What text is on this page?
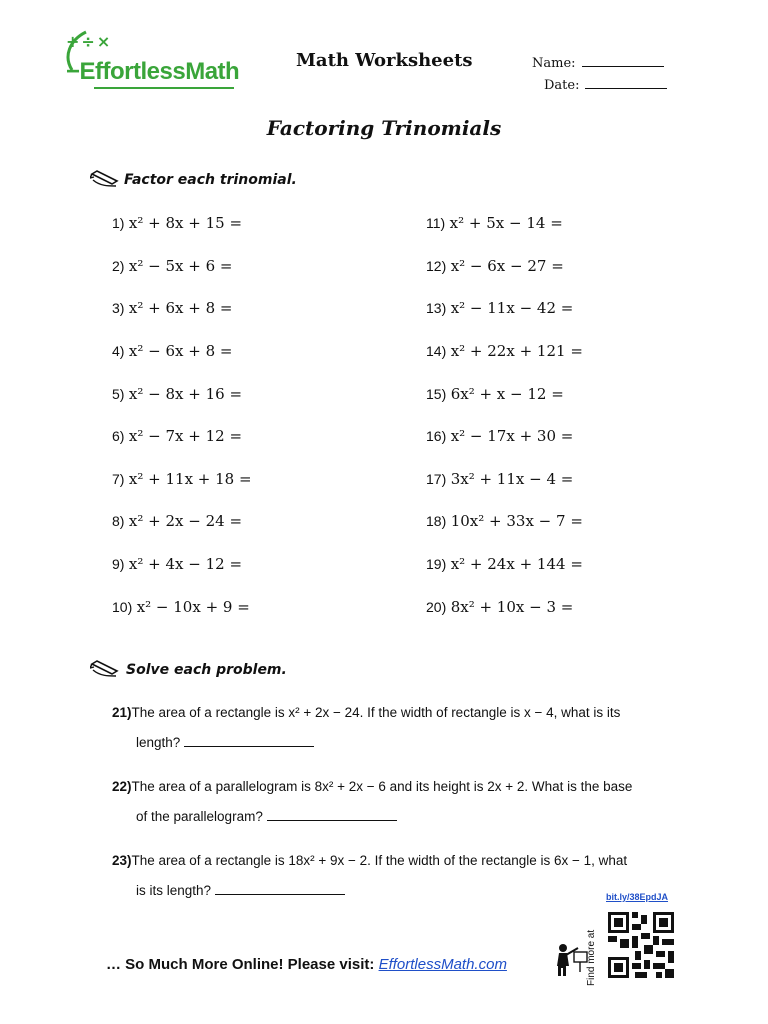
+÷×
−EffortlessMath	Math Worksheets	Name:
Date:
Factoring Trinomials
Factor each trinomial.
1) x² + 8x + 15 =
2) x² − 5x + 6 =
3) x² + 6x + 8 =
4) x² − 6x + 8 =
5) x² − 8x + 16 =
6) x² − 7x + 12 =
7) x² + 11x + 18 =
8) x² + 2x − 24 =
9) x² + 4x − 12 =
10) x² − 10x + 9 =
11) x² + 5x − 14 =
12) x² − 6x − 27 =
13) x² − 11x − 42 =
14) x² + 22x + 121 =
15) 6x² + x − 12 =
16) x² − 17x + 30 =
17) 3x² + 11x − 4 =
18) 10x² + 33x − 7 =
19) x² + 24x + 144 =
20) 8x² + 10x − 3 =
Solve each problem.
21)The area of a rectangle is x² + 2x − 24. If the width of rectangle is x − 4, what is its
length?
22)The area of a parallelogram is 8x² + 2x − 6 and its height is 2x + 2. What is the base
of the parallelogram?
23)The area of a rectangle is 18x² + 9x − 2. If the width of the rectangle is 6x − 1, what
is its length?	bit.ly/38EpdJA
Find more at
… So Much More Online! Please visit: EffortlessMath.com
